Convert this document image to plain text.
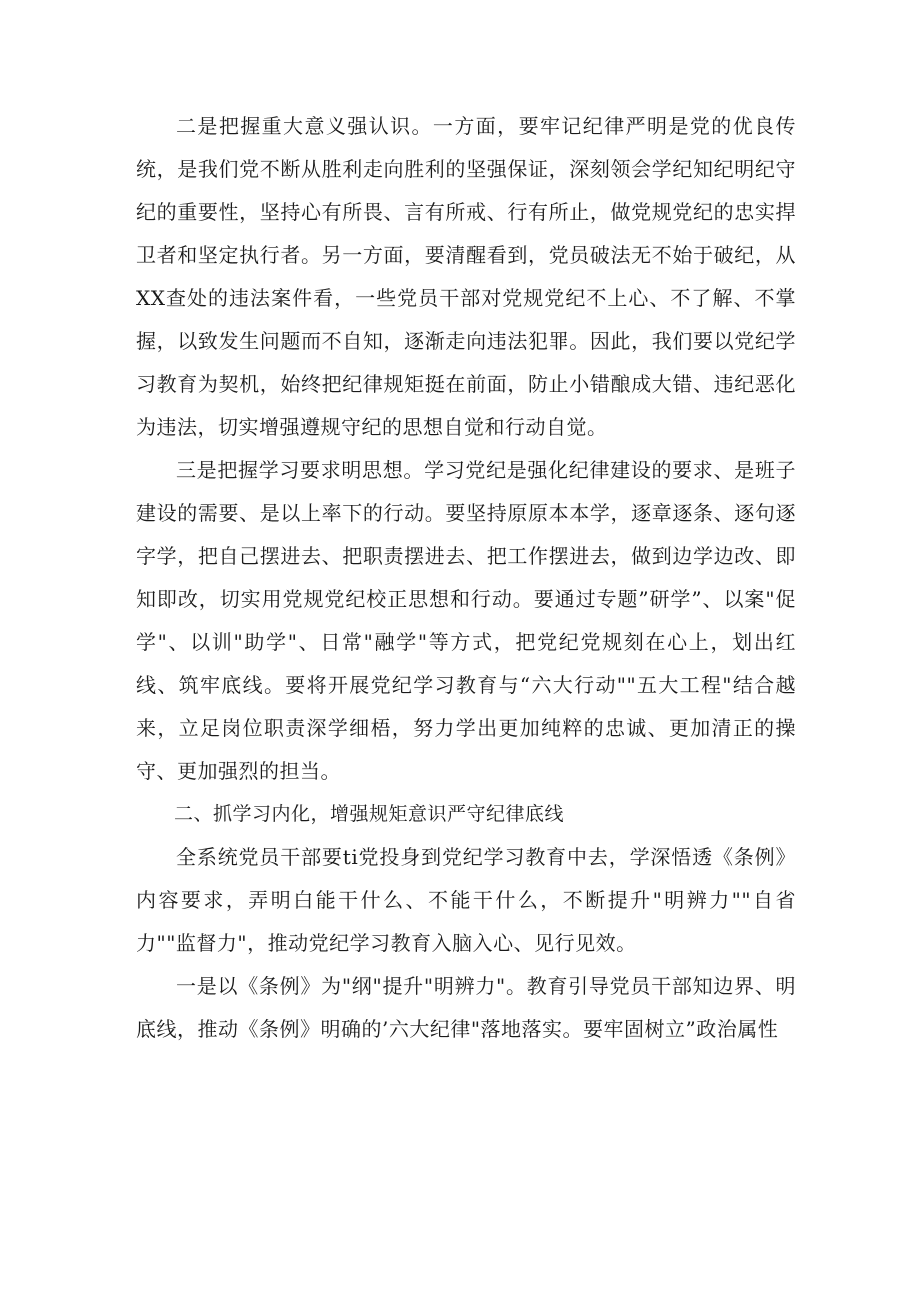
二是把握重大意义强认识。一方面，要牢记纪律严明是党的优良传统，是我们党不断从胜利走向胜利的坚强保证，深刻领会学纪知纪明纪守纪的重要性，坚持心有所畏、言有所戒、行有所止，做党规党纪的忠实捍卫者和坚定执行者。另一方面，要清醒看到，党员破法无不始于破纪，从XX查处的违法案件看，一些党员干部对党规党纪不上心、不了解、不掌握，以致发生问题而不自知，逐渐走向违法犯罪。因此，我们要以党纪学习教育为契机，始终把纪律规矩挺在前面，防止小错酿成大错、违纪恶化为违法，切实增强遵规守纪的思想自觉和行动自觉。

三是把握学习要求明思想。学习党纪是强化纪律建设的要求、是班子建设的需要、是以上率下的行动。要坚持原原本本学，逐章逐条、逐句逐字学，把自己摆进去、把职责摆进去、把工作摆进去，做到边学边改、即知即改，切实用党规党纪校正思想和行动。要通过专题”研学”、以案"促学"、以训"助学"、日常"融学"等方式，把党纪党规刻在心上，划出红线、筑牢底线。要将开展党纪学习教育与“六大行动""五大工程"结合越来，立足岗位职责深学细梧，努力学出更加纯粹的忠诚、更加清正的操守、更加强烈的担当。

二、抓学习内化，增强规矩意识严守纪律底线

全系统党员干部要ti党投身到党纪学习教育中去，学深悟透《条例》内容要求，弄明白能干什么、不能干什么，不断提升"明辨力""自省力""监督力"，推动党纪学习教育入脑入心、见行见效。

一是以《条例》为"纲"提升"明辨力"。教育引导党员干部知边界、明底线，推动《条例》明确的’六大纪律"落地落实。要牢固树立”政治属性
